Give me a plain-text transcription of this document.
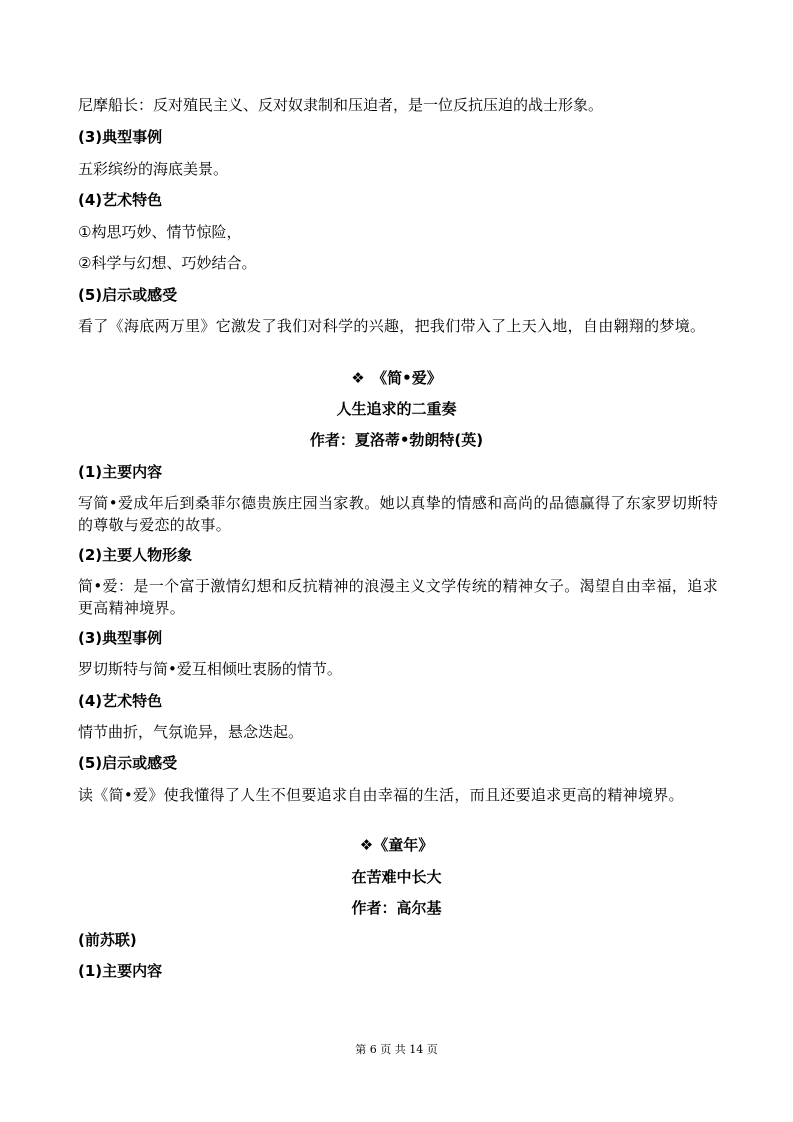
尼摩船长：反对殖民主义、反对奴隶制和压迫者，是一位反抗压迫的战士形象。
(3)典型事例
五彩缤纷的海底美景。
(4)艺术特色
①构思巧妙、情节惊险，
②科学与幻想、巧妙结合。
(5)启示或感受
看了《海底两万里》它激发了我们对科学的兴趣，把我们带入了上天入地，自由翱翔的梦境。
❖　《简•爱》
人生追求的二重奏
作者：夏洛蒂•勃朗特(英)
(1)主要内容
写简•爱成年后到桑菲尔德贵族庄园当家教。她以真挚的情感和高尚的品德赢得了东家罗切斯特的尊敬与爱恋的故事。
(2)主要人物形象
简•爱：是一个富于激情幻想和反抗精神的浪漫主义文学传统的精神女子。渴望自由幸福，追求更高精神境界。
(3)典型事例
罗切斯特与简•爱互相倾吐衷肠的情节。
(4)艺术特色
情节曲折，气氛诡异，悬念迭起。
(5)启示或感受
读《简•爱》使我懂得了人生不但要追求自由幸福的生活，而且还要追求更高的精神境界。
❖《童年》
在苦难中长大
作者：高尔基
(前苏联)
(1)主要内容
第 6 页 共 14 页
